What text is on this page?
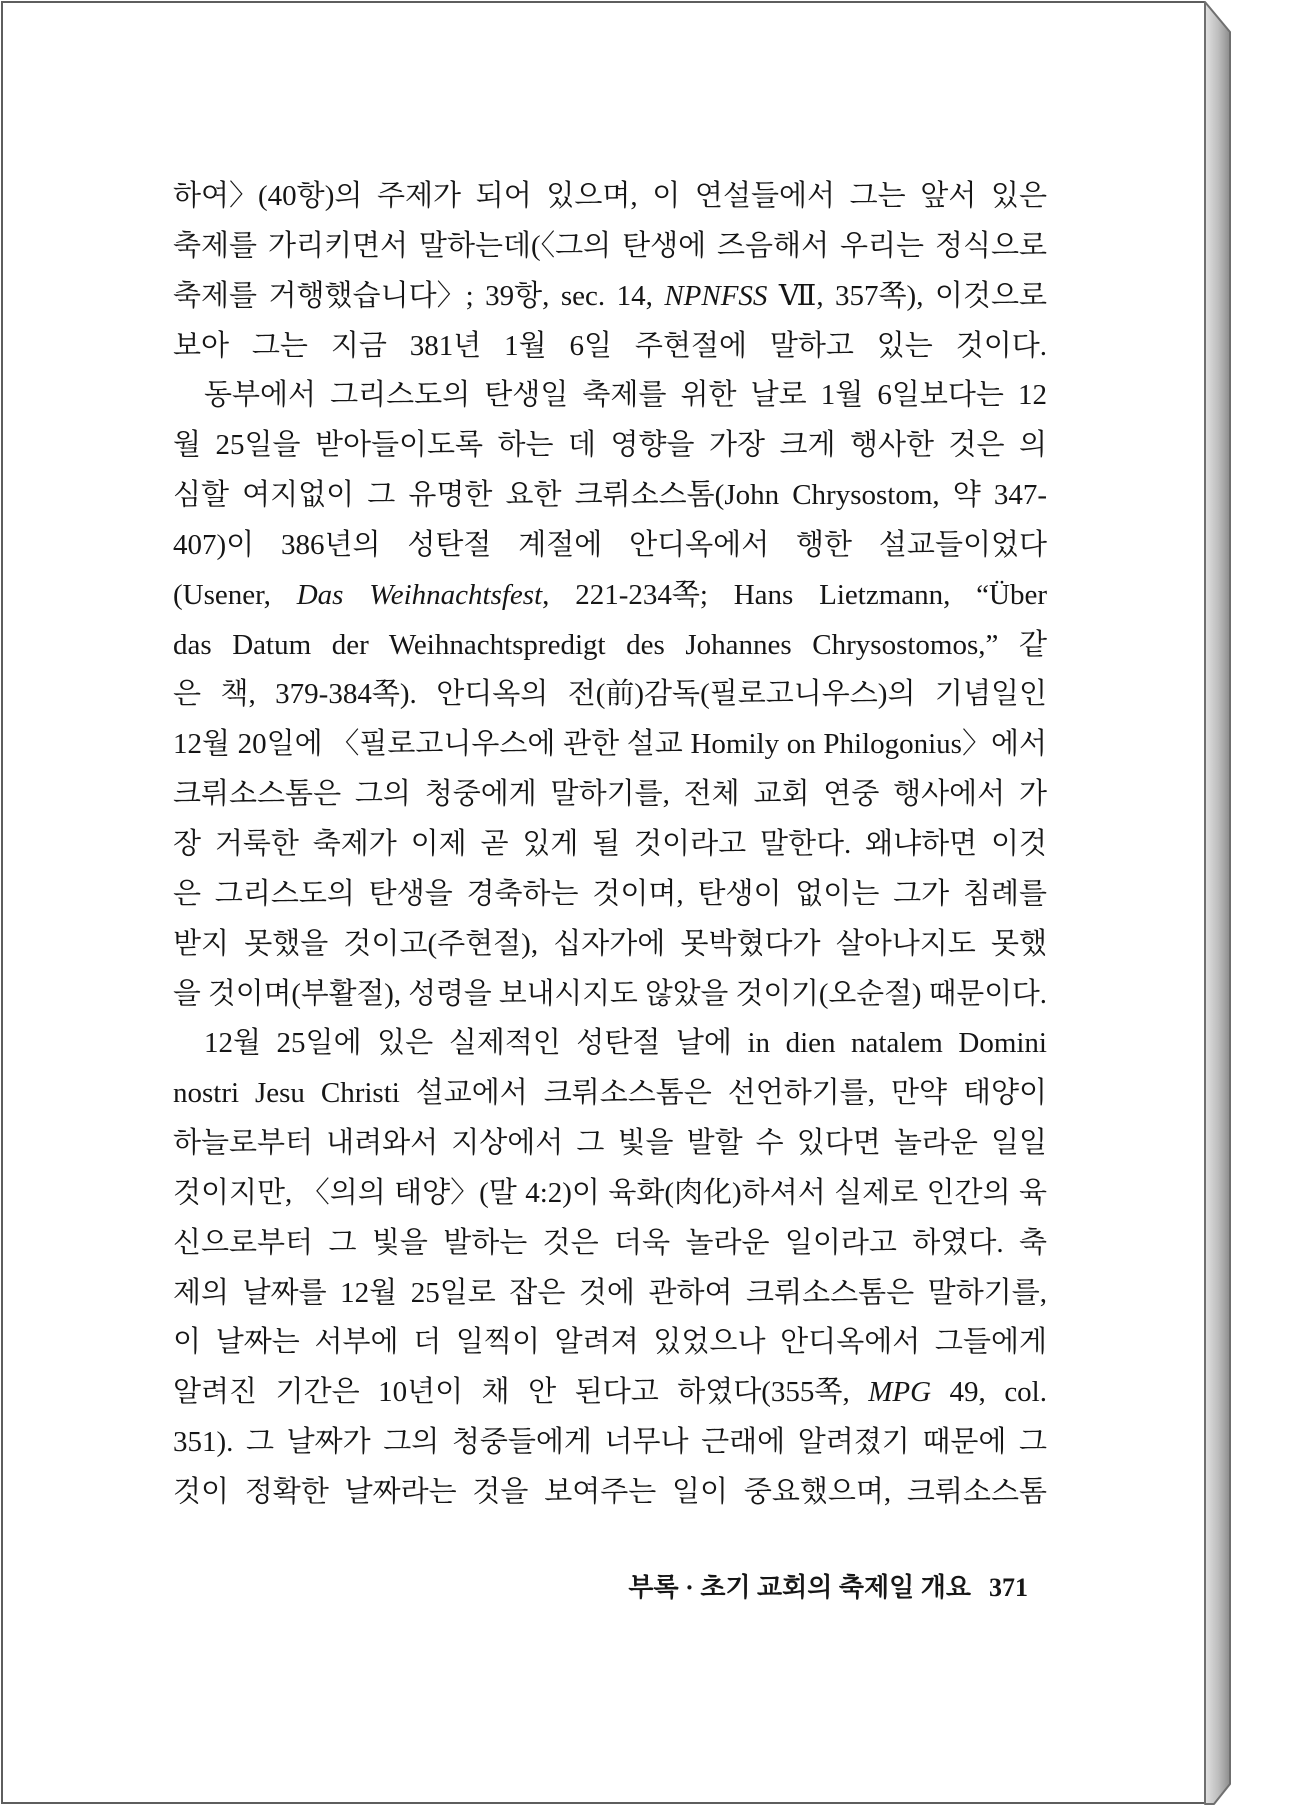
하여〉(40항)의 주제가 되어 있으며, 이 연설들에서 그는 앞서 있은
축제를 가리키면서 말하는데(〈그의 탄생에 즈음해서 우리는 정식으로
축제를 거행했습니다〉; 39항, sec. 14, NPNFSS Ⅶ, 357쪽), 이것으로
보아 그는 지금 381년 1월 6일 주현절에 말하고 있는 것이다.
동부에서 그리스도의 탄생일 축제를 위한 날로 1월 6일보다는 12
월 25일을 받아들이도록 하는 데 영향을 가장 크게 행사한 것은 의
심할 여지없이 그 유명한 요한 크뤼소스톰(John Chrysostom, 약 347-
407)이 386년의 성탄절 계절에 안디옥에서 행한 설교들이었다
(Usener, Das Weihnachtsfest, 221-234쪽; Hans Lietzmann, “Über
das Datum der Weihnachtspredigt des Johannes Chrysostomos,” 같
은 책, 379-384쪽). 안디옥의 전(前)감독(필로고니우스)의 기념일인
12월 20일에 〈필로고니우스에 관한 설교 Homily on Philogonius〉에서
크뤼소스톰은 그의 청중에게 말하기를, 전체 교회 연중 행사에서 가
장 거룩한 축제가 이제 곧 있게 될 것이라고 말한다. 왜냐하면 이것
은 그리스도의 탄생을 경축하는 것이며, 탄생이 없이는 그가 침례를
받지 못했을 것이고(주현절), 십자가에 못박혔다가 살아나지도 못했
을 것이며(부활절), 성령을 보내시지도 않았을 것이기(오순절) 때문이다.
12월 25일에 있은 실제적인 성탄절 날에 in dien natalem Domini
nostri Jesu Christi 설교에서 크뤼소스톰은 선언하기를, 만약 태양이
하늘로부터 내려와서 지상에서 그 빛을 발할 수 있다면 놀라운 일일
것이지만, 〈의의 태양〉(말 4:2)이 육화(肉化)하셔서 실제로 인간의 육
신으로부터 그 빛을 발하는 것은 더욱 놀라운 일이라고 하였다. 축
제의 날짜를 12월 25일로 잡은 것에 관하여 크뤼소스톰은 말하기를,
이 날짜는 서부에 더 일찍이 알려져 있었으나 안디옥에서 그들에게
알려진 기간은 10년이 채 안 된다고 하였다(355쪽, MPG 49, col.
351). 그 날짜가 그의 청중들에게 너무나 근래에 알려졌기 때문에 그
것이 정확한 날짜라는 것을 보여주는 일이 중요했으며, 크뤼소스톰
부록 · 초기 교회의 축제일 개요 371
